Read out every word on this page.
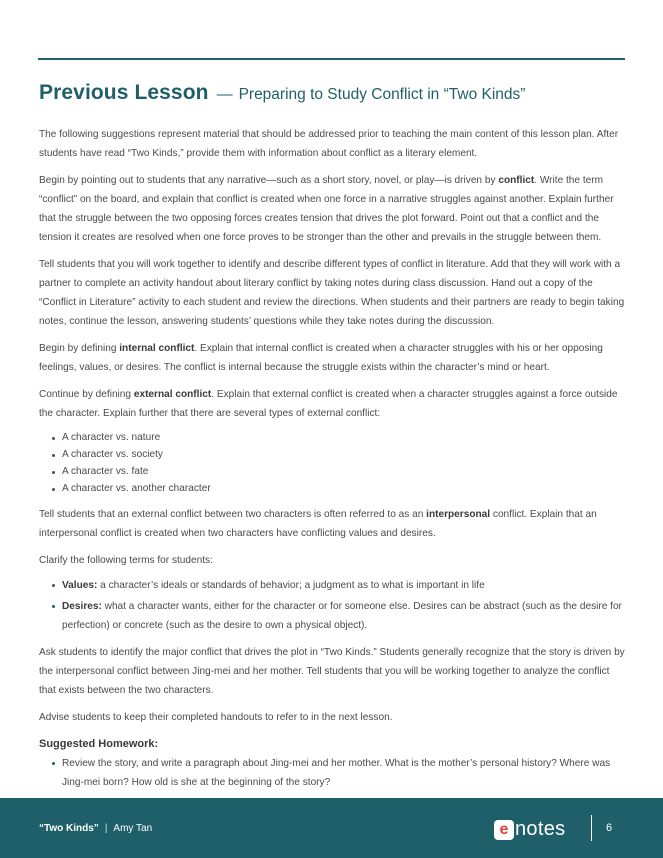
Previous Lesson — Preparing to Study Conflict in “Two Kinds”

The following suggestions represent material that should be addressed prior to teaching the main content of this lesson plan. After students have read “Two Kinds,” provide them with information about conflict as a literary element.

Begin by pointing out to students that any narrative—such as a short story, novel, or play—is driven by conflict. Write the term “conflict” on the board, and explain that conflict is created when one force in a narrative struggles against another. Explain further that the struggle between the two opposing forces creates tension that drives the plot forward. Point out that a conflict and the tension it creates are resolved when one force proves to be stronger than the other and prevails in the struggle between them.

Tell students that you will work together to identify and describe different types of conflict in literature. Add that they will work with a partner to complete an activity handout about literary conflict by taking notes during class discussion. Hand out a copy of the “Conflict in Literature” activity to each student and review the directions. When students and their partners are ready to begin taking notes, continue the lesson, answering students’ questions while they take notes during the discussion.

Begin by defining internal conflict. Explain that internal conflict is created when a character struggles with his or her opposing feelings, values, or desires. The conflict is internal because the struggle exists within the character’s mind or heart.

Continue by defining external conflict. Explain that external conflict is created when a character struggles against a force outside the character. Explain further that there are several types of external conflict:

A character vs. nature
A character vs. society
A character vs. fate
A character vs. another character

Tell students that an external conflict between two characters is often referred to as an interpersonal conflict. Explain that an interpersonal conflict is created when two characters have conflicting values and desires.

Clarify the following terms for students:

Values: a character’s ideals or standards of behavior; a judgment as to what is important in life
Desires: what a character wants, either for the character or for someone else. Desires can be abstract (such as the desire for perfection) or concrete (such as the desire to own a physical object).

Ask students to identify the major conflict that drives the plot in “Two Kinds.” Students generally recognize that the story is driven by the interpersonal conflict between Jing-mei and her mother. Tell students that you will be working together to analyze the conflict that exists between the two characters.

Advise students to keep their completed handouts to refer to in the next lesson.

Suggested Homework:
Review the story, and write a paragraph about Jing-mei and her mother. What is the mother’s personal history? Where was Jing-mei born? How old is she at the beginning of the story?
“Two Kinds” | Amy Tan	e notes	6
